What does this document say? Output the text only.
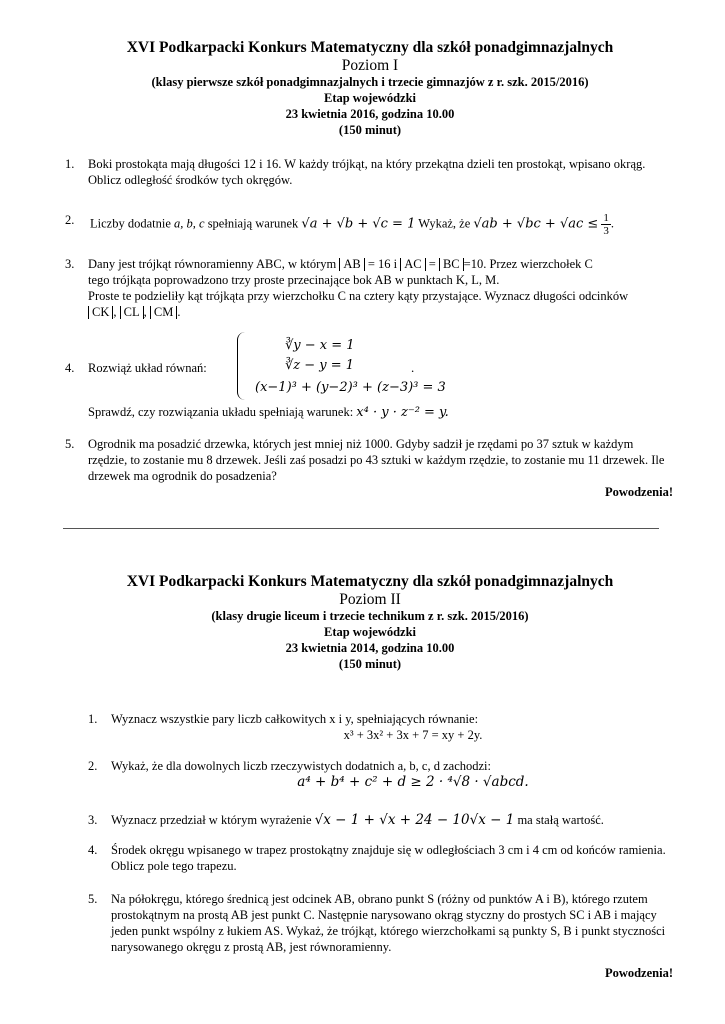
XVI Podkarpacki Konkurs Matematyczny dla szkół ponadgimnazjalnych
Poziom I
(klasy pierwsze szkół ponadgimnazjalnych i trzecie gimnazjów z r. szk. 2015/2016)
Etap wojewódzki
23 kwietnia 2016, godzina 10.00
(150 minut)
1.	Boki prostokąta mają długości 12 i 16. W każdy trójkąt, na który przekątna dzieli ten prostokąt, wpisano okrąg. Oblicz odległość środków tych okręgów.
2.	Liczby dodatnie a, b, c spełniają warunek √a + √b + √c = 1 Wykaż, że $√ab + √bc + √ac \le \frac{1}{3}$ .
3.	Dany jest trójkąt równoramienny ABC, w którym AB = 16 i AC = BC =10. Przez wierzchołek C
tego trójkąta poprowadzono trzy proste przecinające bok AB w punktach K, L, M.
Proste te podzieliły kąt trójkąta przy wierzchołku C na cztery kąty przystające. Wyznacz długości odcinków
CK , CL , CM .
4.	Rozwiąż układ równań:
∛y − x = 1
∛z − y = 1
(x−1)³ + (y−2)³ + (z−3)³ = 3
.
Sprawdź, czy rozwiązania układu spełniają warunek: x⁴ · y · z⁻² = y.
5.	Ogrodnik ma posadzić drzewka, których jest mniej niż 1000. Gdyby sadził je rzędami po 37 sztuk w każdym rzędzie, to zostanie mu 8 drzewek. Jeśli zaś posadzi po 43 sztuki w każdym rzędzie, to zostanie mu 11 drzewek. Ile drzewek ma ogrodnik do posadzenia?
Powodzenia!
XVI Podkarpacki Konkurs Matematyczny dla szkół ponadgimnazjalnych
Poziom II
(klasy drugie liceum i trzecie technikum z r. szk. 2015/2016)
Etap wojewódzki
23 kwietnia 2014, godzina 10.00
(150 minut)
1.	Wyznacz wszystkie pary liczb całkowitych x i y, spełniających równanie:
x³ + 3x² + 3x + 7 = xy + 2y.
2.	Wykaż, że dla dowolnych liczb rzeczywistych dodatnich a, b, c, d zachodzi:
a⁴ + b⁴ + c² + d ≥ 2 · ⁴√8 · √abcd.
3.	Wyznacz przedział w którym wyrażenie √x − 1 + √x + 24 − 10√x − 1 ma stałą wartość.
4.	Środek okręgu wpisanego w trapez prostokątny znajduje się w odległościach 3 cm i 4 cm od końców ramienia. Oblicz pole tego trapezu.
5.	Na półokręgu, którego średnicą jest odcinek AB, obrano punkt S (różny od punktów A i B), którego rzutem prostokątnym na prostą AB jest punkt C. Następnie narysowano okrąg styczny do prostych SC i AB i mający jeden punkt wspólny z łukiem AS. Wykaż, że trójkąt, którego wierzchołkami są punkty S, B i punkt styczności narysowanego okręgu z prostą AB, jest równoramienny.
Powodzenia!
